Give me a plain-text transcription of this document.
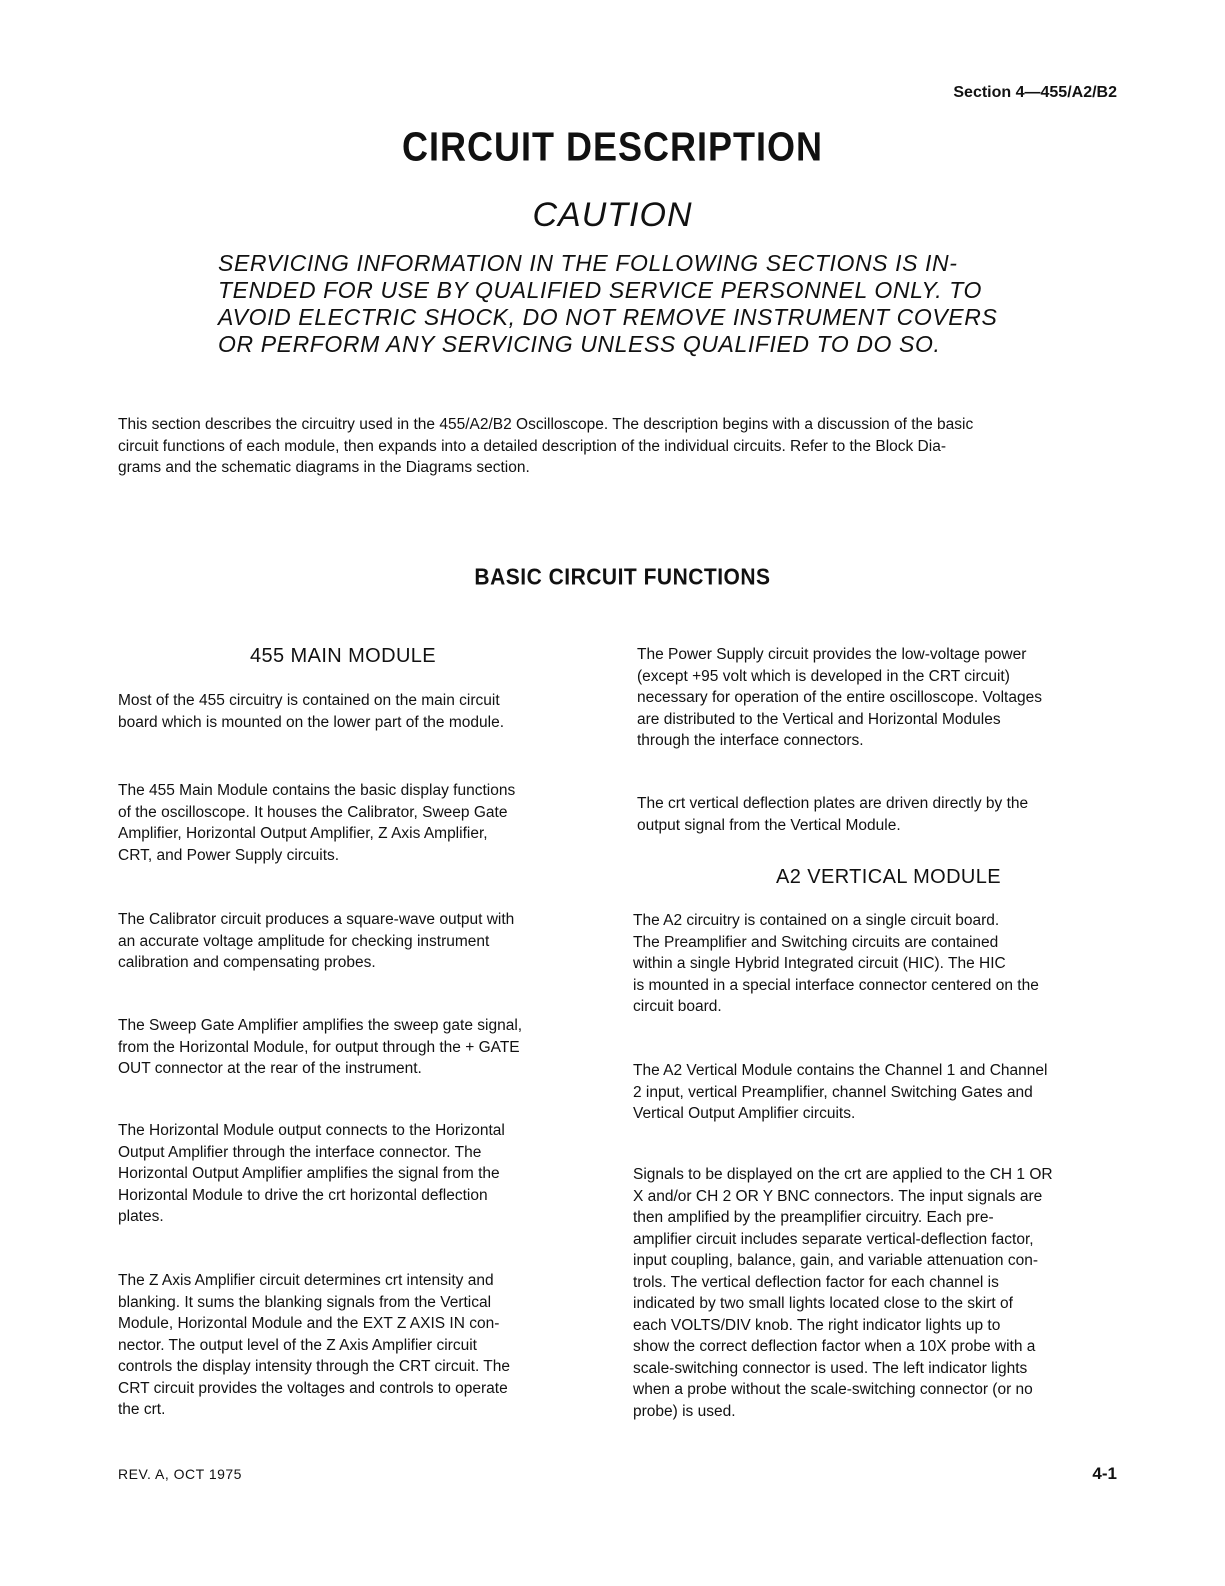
Section 4—455/A2/B2
CIRCUIT DESCRIPTION
CAUTION
SERVICING INFORMATION IN THE FOLLOWING SECTIONS IS IN-
TENDED FOR USE BY QUALIFIED SERVICE PERSONNEL ONLY. TO
AVOID ELECTRIC SHOCK, DO NOT REMOVE INSTRUMENT COVERS
OR PERFORM ANY SERVICING UNLESS QUALIFIED TO DO SO.
This section describes the circuitry used in the 455/A2/B2 Oscilloscope. The description begins with a discussion of the basic
circuit functions of each module, then expands into a detailed description of the individual circuits. Refer to the Block Dia-
grams and the schematic diagrams in the Diagrams section.
BASIC CIRCUIT FUNCTIONS
455 MAIN MODULE
Most of the 455 circuitry is contained on the main circuit
board which is mounted on the lower part of the module.
The 455 Main Module contains the basic display functions
of the oscilloscope. It houses the Calibrator, Sweep Gate
Amplifier, Horizontal Output Amplifier, Z Axis Amplifier,
CRT, and Power Supply circuits.
The Calibrator circuit produces a square-wave output with
an accurate voltage amplitude for checking instrument
calibration and compensating probes.
The Sweep Gate Amplifier amplifies the sweep gate signal,
from the Horizontal Module, for output through the + GATE
OUT connector at the rear of the instrument.
The Horizontal Module output connects to the Horizontal
Output Amplifier through the interface connector. The
Horizontal Output Amplifier amplifies the signal from the
Horizontal Module to drive the crt horizontal deflection
plates.
The Z Axis Amplifier circuit determines crt intensity and
blanking. It sums the blanking signals from the Vertical
Module, Horizontal Module and the EXT Z AXIS IN con-
nector. The output level of the Z Axis Amplifier circuit
controls the display intensity through the CRT circuit. The
CRT circuit provides the voltages and controls to operate
the crt.
The Power Supply circuit provides the low-voltage power
(except +95 volt which is developed in the CRT circuit)
necessary for operation of the entire oscilloscope. Voltages
are distributed to the Vertical and Horizontal Modules
through the interface connectors.
The crt vertical deflection plates are driven directly by the
output signal from the Vertical Module.
A2 VERTICAL MODULE
The A2 circuitry is contained on a single circuit board.
The Preamplifier and Switching circuits are contained
within a single Hybrid Integrated circuit (HIC). The HIC
is mounted in a special interface connector centered on the
circuit board.
The A2 Vertical Module contains the Channel 1 and Channel
2 input, vertical Preamplifier, channel Switching Gates and
Vertical Output Amplifier circuits.
Signals to be displayed on the crt are applied to the CH 1 OR
X and/or CH 2 OR Y BNC connectors. The input signals are
then amplified by the preamplifier circuitry. Each pre-
amplifier circuit includes separate vertical-deflection factor,
input coupling, balance, gain, and variable attenuation con-
trols. The vertical deflection factor for each channel is
indicated by two small lights located close to the skirt of
each VOLTS/DIV knob. The right indicator lights up to
show the correct deflection factor when a 10X probe with a
scale-switching connector is used. The left indicator lights
when a probe without the scale-switching connector (or no
probe) is used.
REV. A, OCT 1975	4-1
